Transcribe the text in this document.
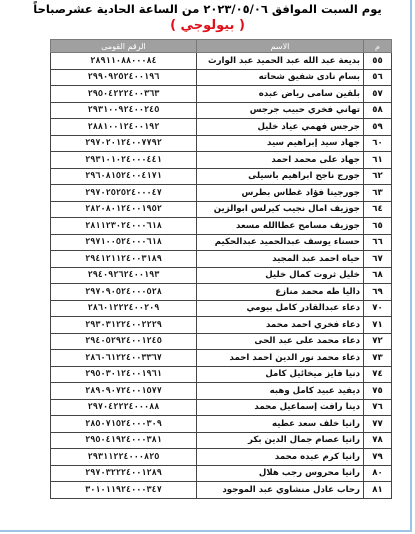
يوم السبت الموافق ٢٠٢٣/٠٥/٠٦ من الساعة الحادية عشرصباحاً
( بيولوجي )
م	الاسم	الرقم القومى
٥٥	بديعة عبد الله عبد الحميد عبد الوارث	٢٨٩١١٠٨٨٠٠٠٨٤
٥٦	بسام نادى شفيق شحاته	٢٩٩٠٩٢٥٢٤٠٠١٩٦
٥٧	بلقين سامى رياض عبده	٢٩٥٠٤٢٢٢٤٠٠٣٦٣
٥٨	تهاني فخري حبيب جرجس	٢٩٣١٠٠٩٢٤٠٠٢٤٥
٥٩	جرجس فهمي عياد خليل	٢٨٨١٠٠١٢٤٠٠١٩٢
٦٠	جهاد سيد إبراهيم سيد	٢٩٧٠٢٠١٢٤٠٠٧٧٩٢
٦١	جهاد على محمد احمد	٢٩٣١٠١٠٢٤٠٠٠٤٤١
٦٢	جورج ناجح ابراهيم باسيلى	٢٩٦٠٨١٥٢٤٠٠٤١٧١
٦٣	جورجينا فؤاد غطاس بطرس	٢٩٧٠٢٥٢٥٢٤٠٠٠٤٧
٦٤	جوزيف امال نجيب كيرلس ابوالزين	٢٨٢٠٨٠١٢٤٠٠١٩٥٢
٦٥	جوزيف مسامح عطاالله مسعد	٢٨١١٢٣٠٢٤٠٠٠٦١٨
٦٦	حسناء يوسف عبدالحميد عبدالحكيم	٢٩٧١٠٠٥٢٤٠٠٠٦١٨
٦٧	حياه احمد عبد المجيد	٢٩٤١٢١١٢٤٠٠٣١٨٩
٦٨	خليل ثروت كمال خليل	٢٩٤٠٩٢٦٢٤٠٠١٩٣
٦٩	داليا طه محمد منازع	٢٩٧٠٩٠٥٢٤٠٠٠٥٢٨
٧٠	دعاء عبدالقادر كامل بيومي	٢٨٦٠١٢٢٢٤٠٠٢٠٩
٧١	دعاء فخري احمد محمد	٢٩٣٠٣١٢٢٤٠٠٢٢٢٩
٧٢	دعاء محمد على عبد الحى	٢٩٤٠٥٢٩٢٤٠٠١٢٤٥
٧٣	دعاء محمد نور الدين احمد احمد	٢٨٦٠٦١٢٢٤٠٠٣٣٦٧
٧٤	دنيا فايز ميخائيل كامل	٢٩٥٠٣٠١٢٤٠٠١٩٦١
٧٥	ديفيد عبيد كامل وهبه	٢٨٩٠٩٠٧٢٤٠٠١٥٧٧
٧٦	دينا رافت إسماعيل محمد	٢٩٧٠٤٢٢٢٤٠٠٠٨٨
٧٧	رانيا خلف سعد عطيه	٢٨٥٠٧١٥٢٤٠٠٠٣٠٩
٧٨	رانيا عصام جمال الدين بكر	٢٩٥٠٤١٩٢٤٠٠٠٣٨١
٧٩	رانيا كرم عبده محمد	٢٩٣١١٢٢٤٠٠٠٨٢٥
٨٠	رانيا محروس رجب هلال	٢٩٧٠٣٢٢٢٤٠٠١٢٨٩
٨١	رحاب عادل منشاوي عبد الموجود	٣٠١٠١١٩٢٤٠٠٠٣٤٧
